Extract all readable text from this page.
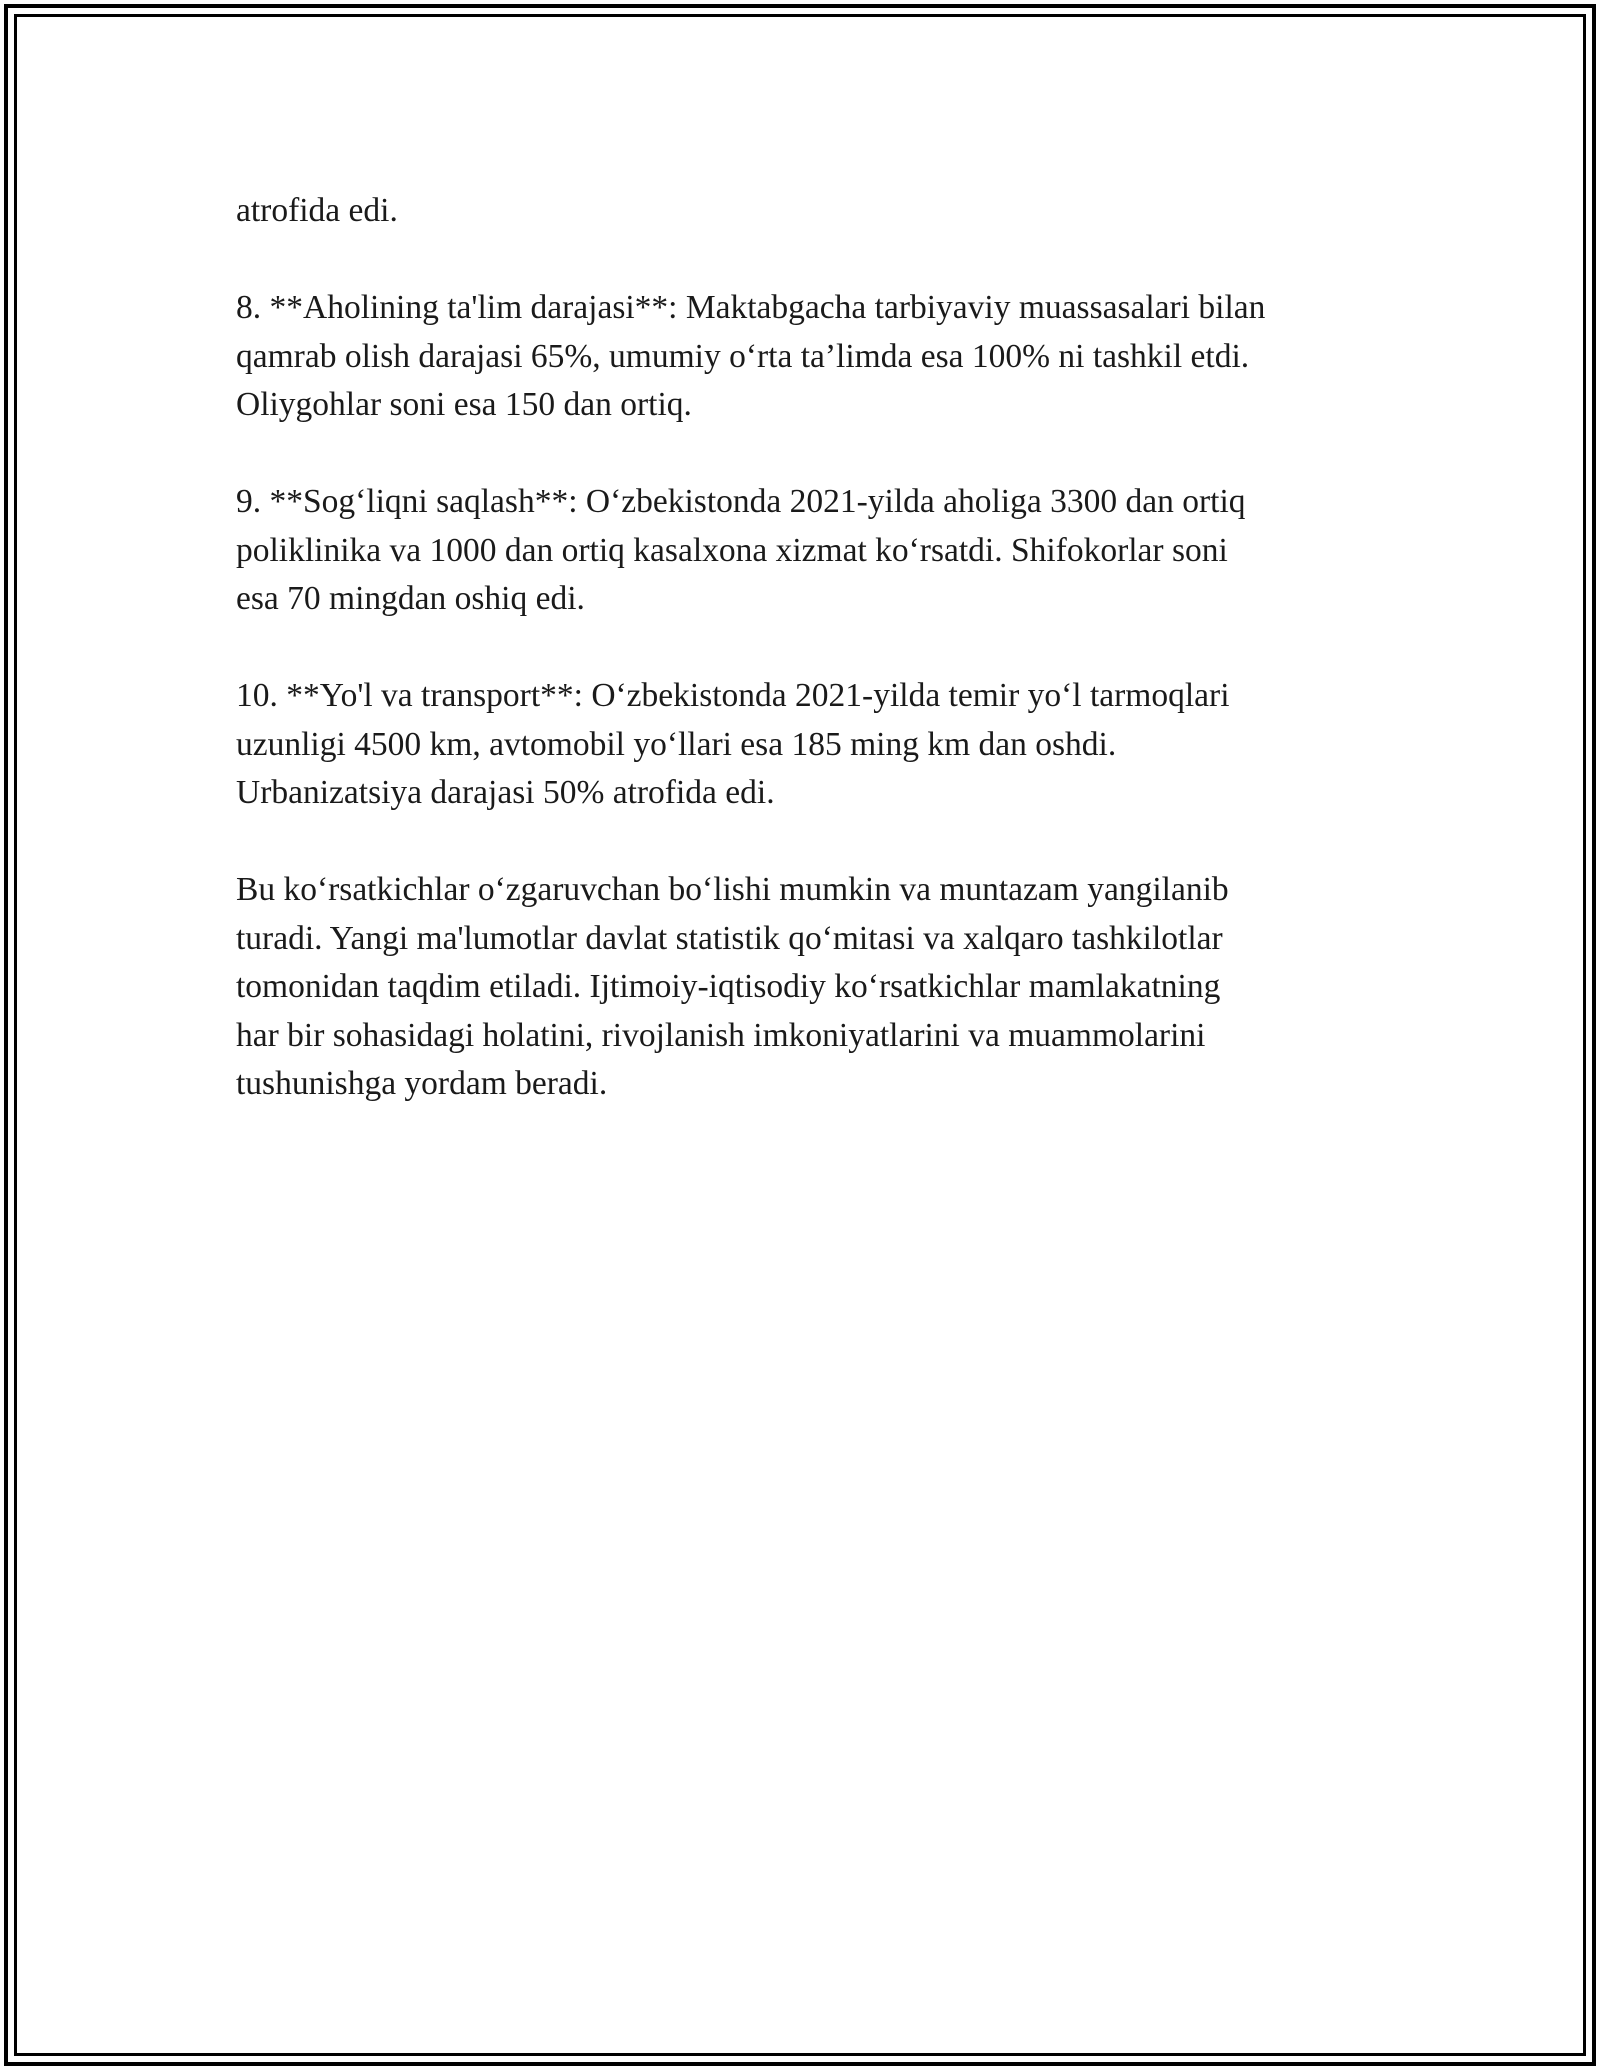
atrofida edi.

8. **Aholining ta'lim darajasi**: Maktabgacha tarbiyaviy muassasalari bilan
qamrab olish darajasi 65%, umumiy o‘rta ta’limda esa 100% ni tashkil etdi.
Oliygohlar soni esa 150 dan ortiq.

9. **Sog‘liqni saqlash**: O‘zbekistonda 2021-yilda aholiga 3300 dan ortiq
poliklinika va 1000 dan ortiq kasalxona xizmat ko‘rsatdi. Shifokorlar soni
esa 70 mingdan oshiq edi.

10. **Yo'l va transport**: O‘zbekistonda 2021-yilda temir yo‘l tarmoqlari
uzunligi 4500 km, avtomobil yo‘llari esa 185 ming km dan oshdi.
Urbanizatsiya darajasi 50% atrofida edi.

Bu ko‘rsatkichlar o‘zgaruvchan bo‘lishi mumkin va muntazam yangilanib
turadi. Yangi ma'lumotlar davlat statistik qo‘mitasi va xalqaro tashkilotlar
tomonidan taqdim etiladi. Ijtimoiy-iqtisodiy ko‘rsatkichlar mamlakatning
har bir sohasidagi holatini, rivojlanish imkoniyatlarini va muammolarini
tushunishga yordam beradi.
